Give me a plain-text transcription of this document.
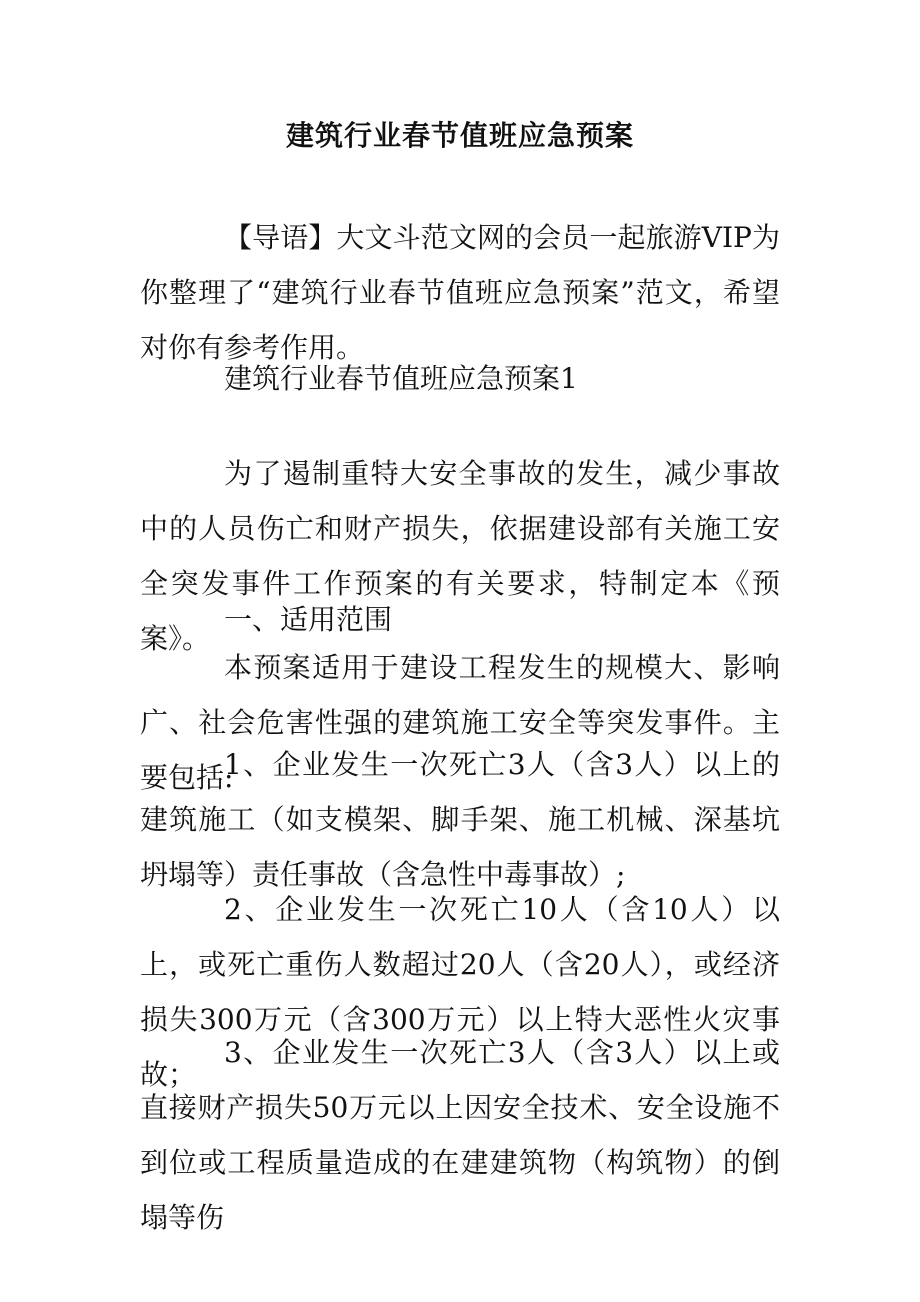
建筑行业春节值班应急预案
【导语】大文斗范文网的会员一起旅游VIP为你整理了“建筑行业春节值班应急预案”范文，希望对你有参考作用。
建筑行业春节值班应急预案1
为了遏制重特大安全事故的发生，减少事故中的人员伤亡和财产损失，依据建设部有关施工安全突发事件工作预案的有关要求，特制定本《预案》。
一、适用范围
本预案适用于建设工程发生的规模大、影响广、社会危害性强的建筑施工安全等突发事件。主要包括:
1、企业发生一次死亡3人（含3人）以上的建筑施工（如支模架、脚手架、施工机械、深基坑坍塌等）责任事故（含急性中毒事故）;
2、企业发生一次死亡10人（含10人）以上，或死亡重伤人数超过20人（含20人），或经济损失300万元（含300万元）以上特大恶性火灾事故；
3、企业发生一次死亡3人（含3人）以上或直接财产损失50万元以上因安全技术、安全设施不到位或工程质量造成的在建建筑物（构筑物）的倒塌等伤
